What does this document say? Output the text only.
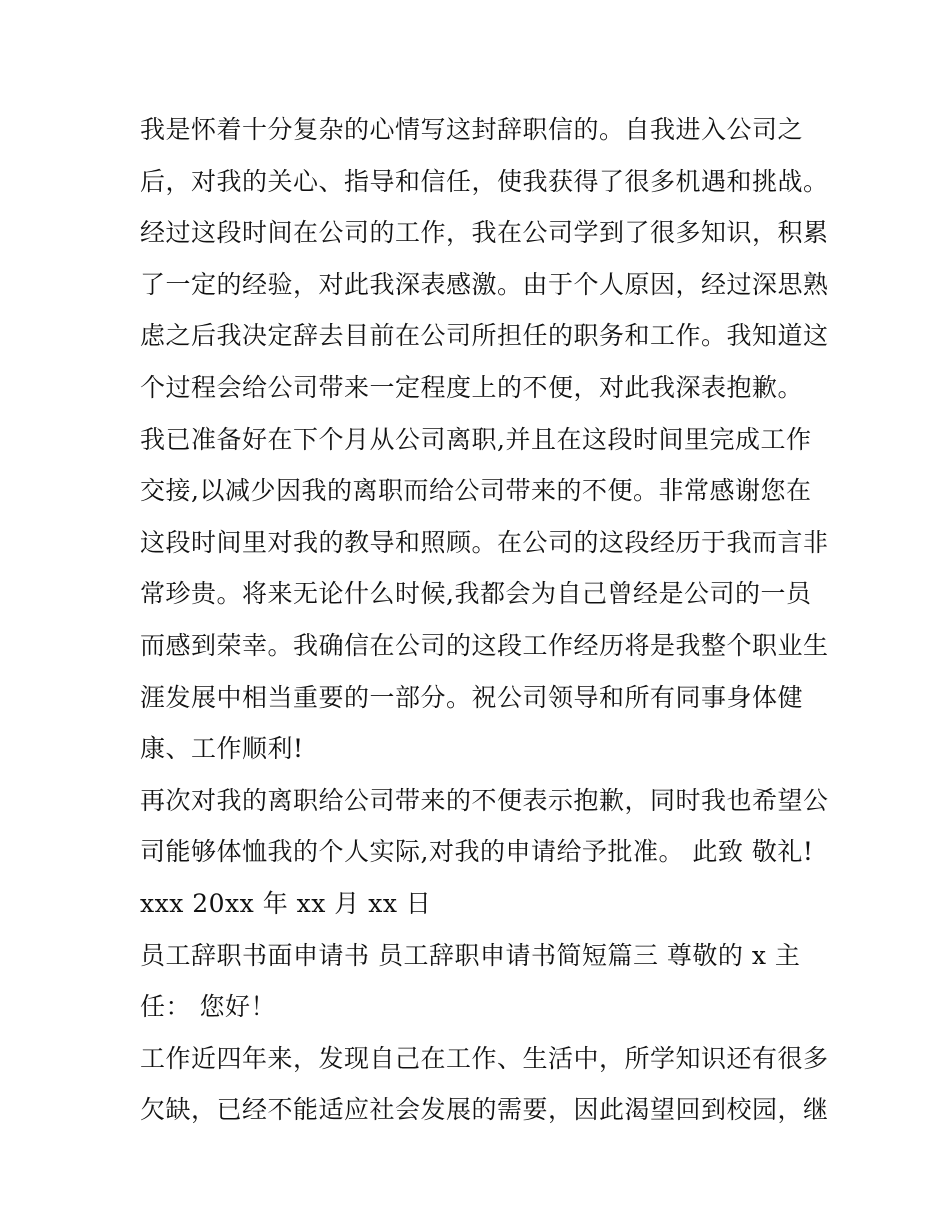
我是怀着十分复杂的心情写这封辞职信的。自我进入公司之
后，对我的关心、指导和信任，使我获得了很多机遇和挑战。
经过这段时间在公司的工作，我在公司学到了很多知识，积累
了一定的经验，对此我深表感激。由于个人原因，经过深思熟
虑之后我决定辞去目前在公司所担任的职务和工作。我知道这
个过程会给公司带来一定程度上的不便，对此我深表抱歉。
我已准备好在下个月从公司离职,并且在这段时间里完成工作
交接,以减少因我的离职而给公司带来的不便。非常感谢您在
这段时间里对我的教导和照顾。在公司的这段经历于我而言非
常珍贵。将来无论什么时候,我都会为自己曾经是公司的一员
而感到荣幸。我确信在公司的这段工作经历将是我整个职业生
涯发展中相当重要的一部分。祝公司领导和所有同事身体健
康、工作顺利!
再次对我的离职给公司带来的不便表示抱歉，同时我也希望公
司能够体恤我的个人实际,对我的申请给予批准。 此致 敬礼!
xxx 20xx 年 xx 月 xx 日
员工辞职书面申请书 员工辞职申请书简短篇三 尊敬的 x 主
任： 您好！
工作近四年来，发现自己在工作、生活中，所学知识还有很多
欠缺，已经不能适应社会发展的需要，因此渴望回到校园，继
